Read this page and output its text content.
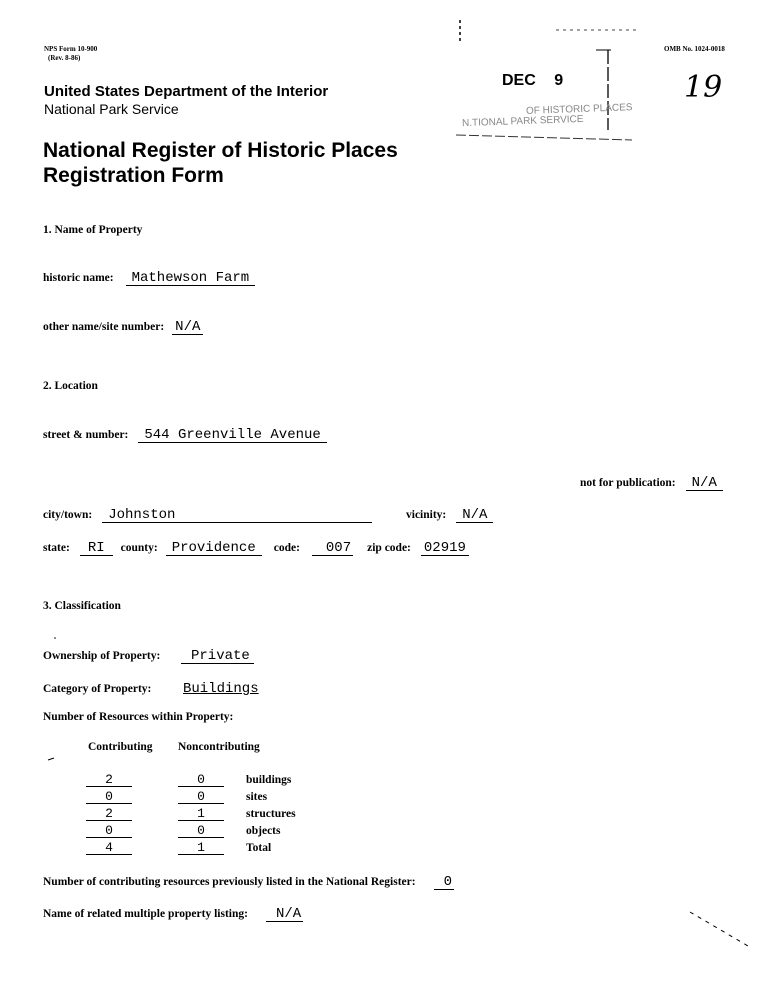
NPS Form 10-900
(Rev. 8-86)
OMB No. 1024-0018
United States Department of the Interior
National Park Service
National Register of Historic Places
Registration Form
DEC 9
N.TIONAL PARK SERVICE
OF HISTORIC PLACES
19
1. Name of Property
historic name: Mathewson Farm
other name/site number: N/A
2. Location
street & number: 544 Greenville Avenue
not for publication: N/A
city/town: Johnston	vicinity: N/A
state: RI county: Providence code: 007 zip code: 02919
3. Classification
Ownership of Property: Private
Category of Property: Buildings
Number of Resources within Property:
Contributing Noncontributing
2		0		buildings

0		0		sites

2		1		structures

0		0		objects

4		1		Total
Number of contributing resources previously listed in the National Register: 0
Name of related multiple property listing: N/A
